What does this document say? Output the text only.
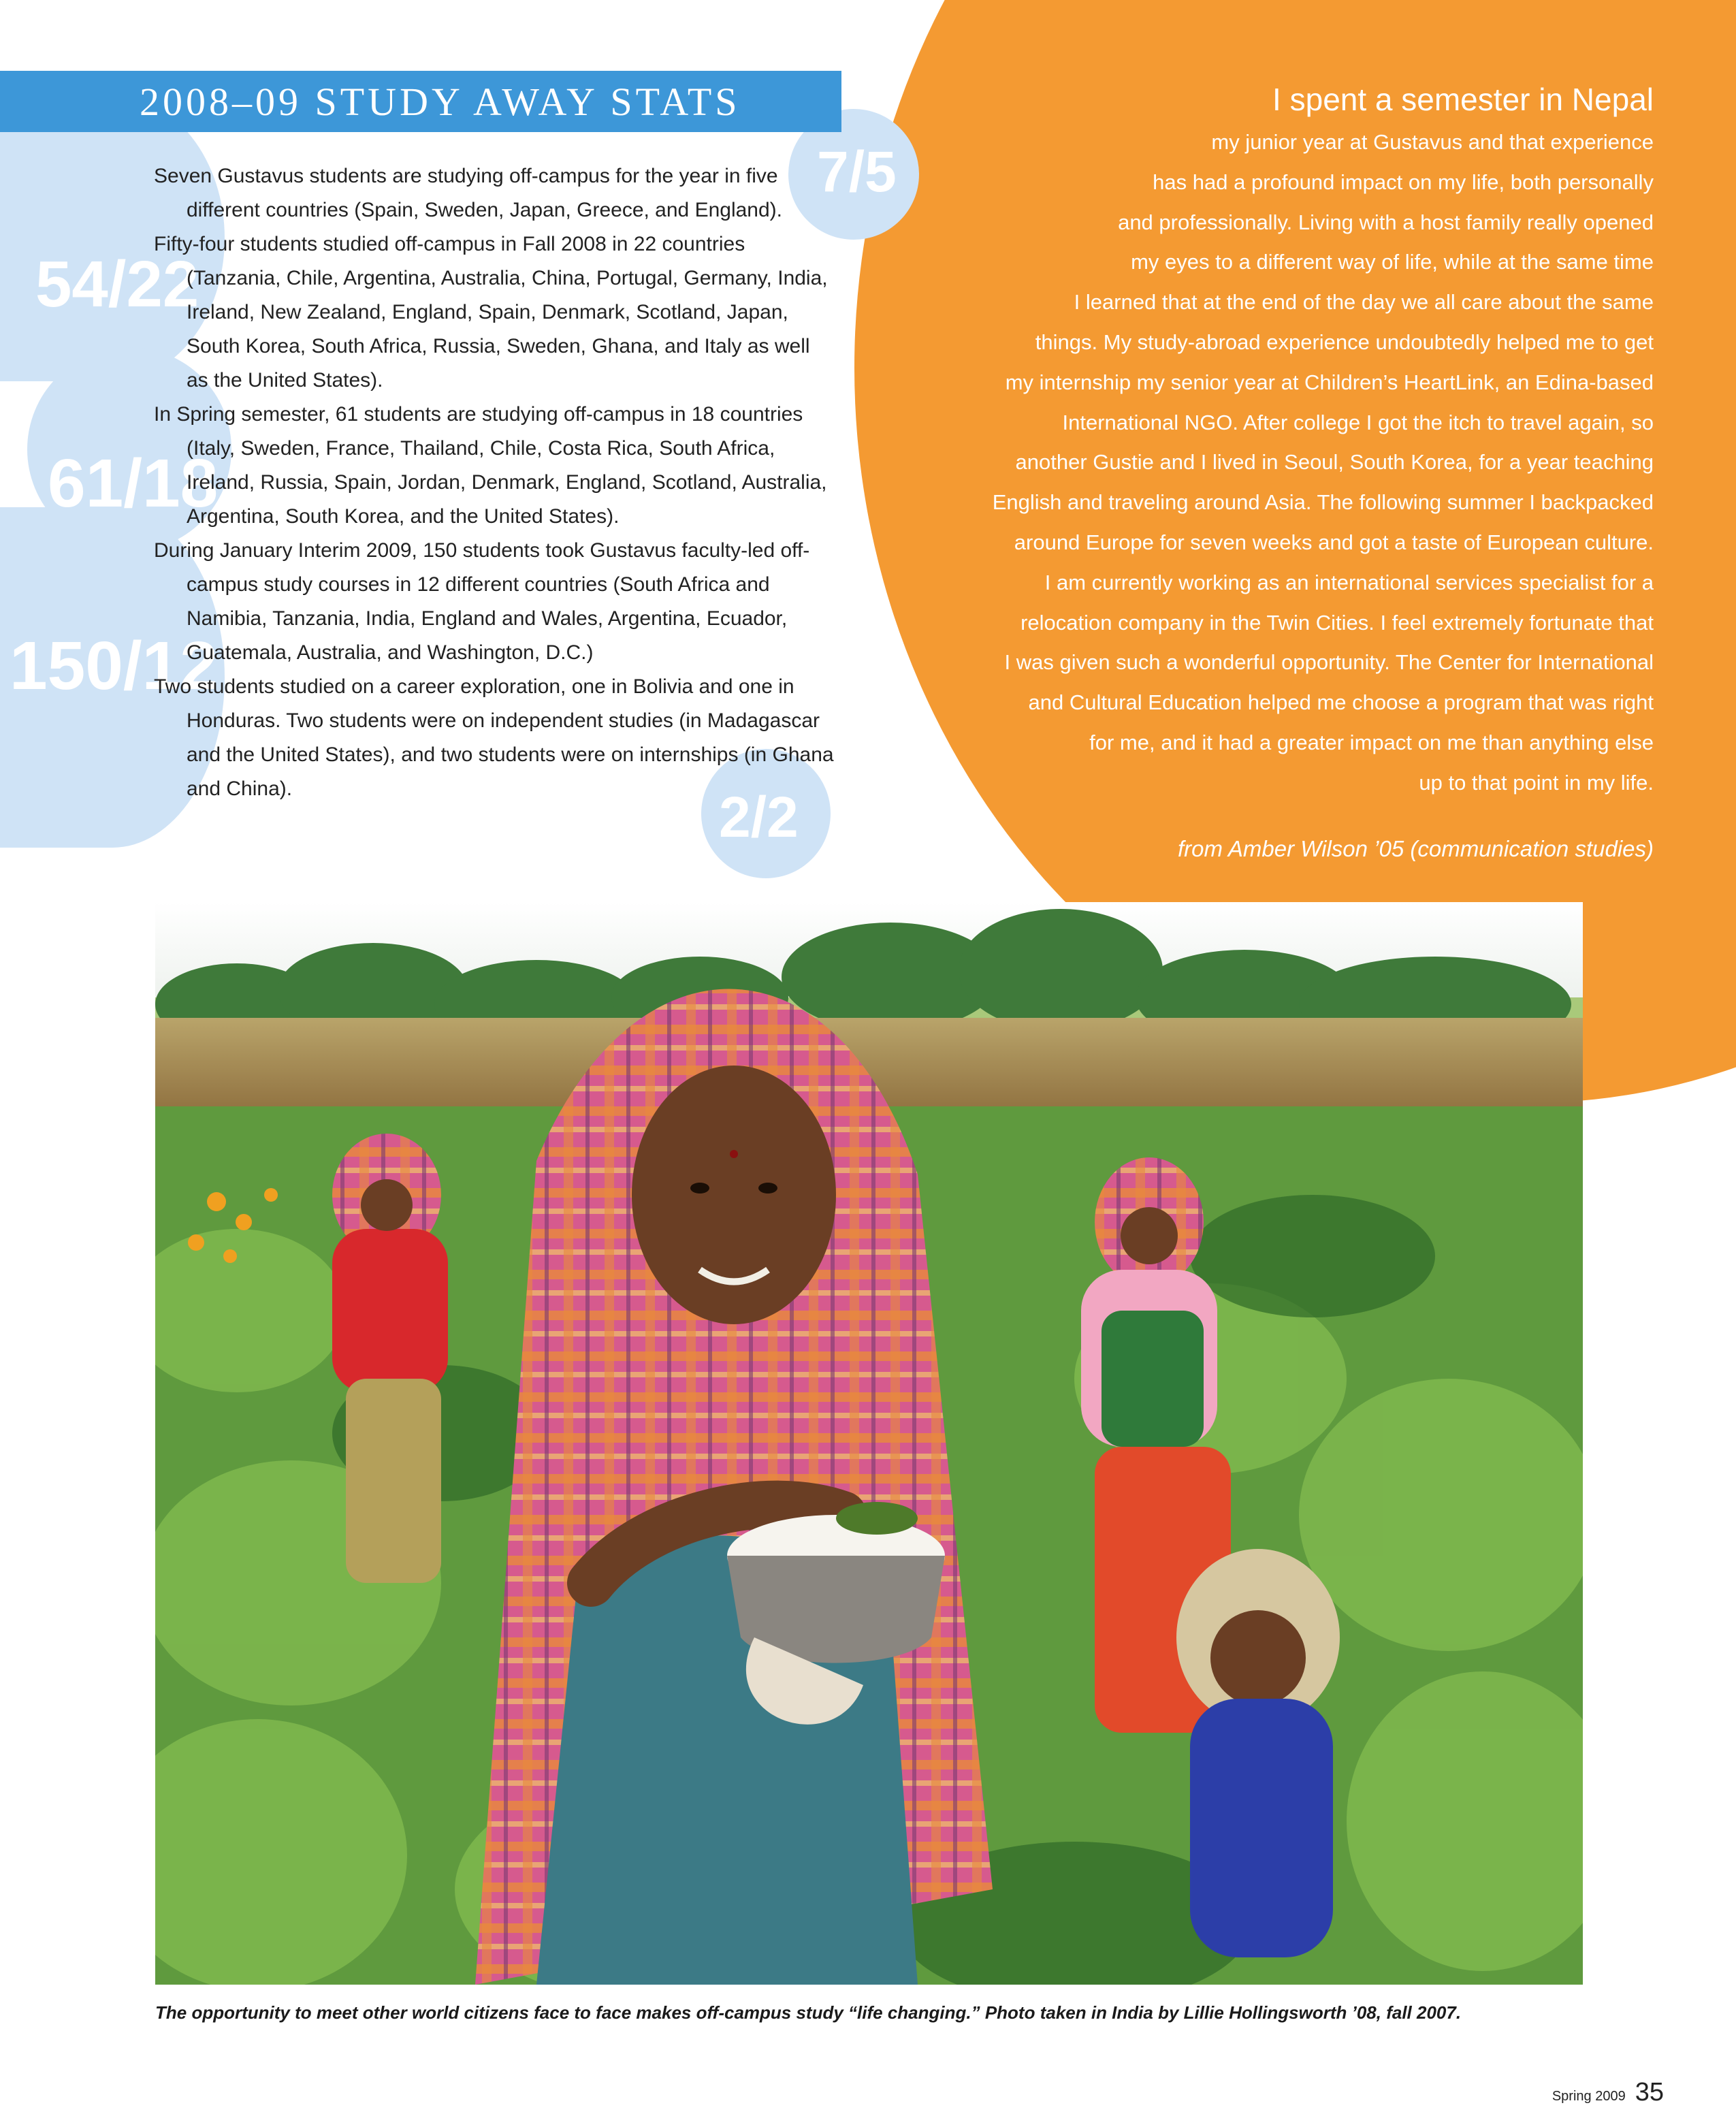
7/5
54/22
61/18
150/12
2/2
2008–09 STUDY AWAY STATS
Seven Gustavus students are studying off-campus for the year in five different countries (Spain, Sweden, Japan, Greece, and England).
Fifty-four students studied off-campus in Fall 2008 in 22 countries (Tanzania, Chile, Argentina, Australia, China, Portugal, Germany, India, Ireland, New Zealand, England, Spain, Denmark, Scotland, Japan, South Korea, South Africa, Russia, Sweden, Ghana, and Italy as well as the United States).
In Spring semester, 61 students are studying off-campus in 18 countries (Italy, Sweden, France, Thailand, Chile, Costa Rica, South Africa, Ireland, Russia, Spain, Jordan, Denmark, England, Scotland, Australia, Argentina, South Korea, and the United States).
During January Interim 2009, 150 students took Gustavus faculty-led off-campus study courses in 12 different countries (South Africa and Namibia, Tanzania, India, England and Wales, Argentina, Ecuador, Guatemala, Australia, and Washington, D.C.)
Two students studied on a career exploration, one in Bolivia and one in Honduras. Two students were on independent studies (in Madagascar and the United States), and two students were on internships (in Ghana and China).
I spent a semester in Nepal
my junior year at Gustavus and that experience
has had a profound impact on my life, both personally
and professionally. Living with a host family really opened
my eyes to a different way of life, while at the same time
I learned that at the end of the day we all care about the same
things. My study-abroad experience undoubtedly helped me to get
my internship my senior year at Children’s HeartLink, an Edina-based
International NGO. After college I got the itch to travel again, so
another Gustie and I lived in Seoul, South Korea, for a year teaching
English and traveling around Asia. The following summer I backpacked
around Europe for seven weeks and got a taste of European culture.
I am currently working as an international services specialist for a
relocation company in the Twin Cities. I feel extremely fortunate that
I was given such a wonderful opportunity. The Center for International
and Cultural Education helped me choose a program that was right
for me, and it had a greater impact on me than anything else
up to that point in my life.
from Amber Wilson ’05 (communication studies)
The opportunity to meet other world citizens face to face makes off-campus study “life changing.” Photo taken in India by Lillie Hollingsworth ’08, fall 2007.
Spring 2009 35
